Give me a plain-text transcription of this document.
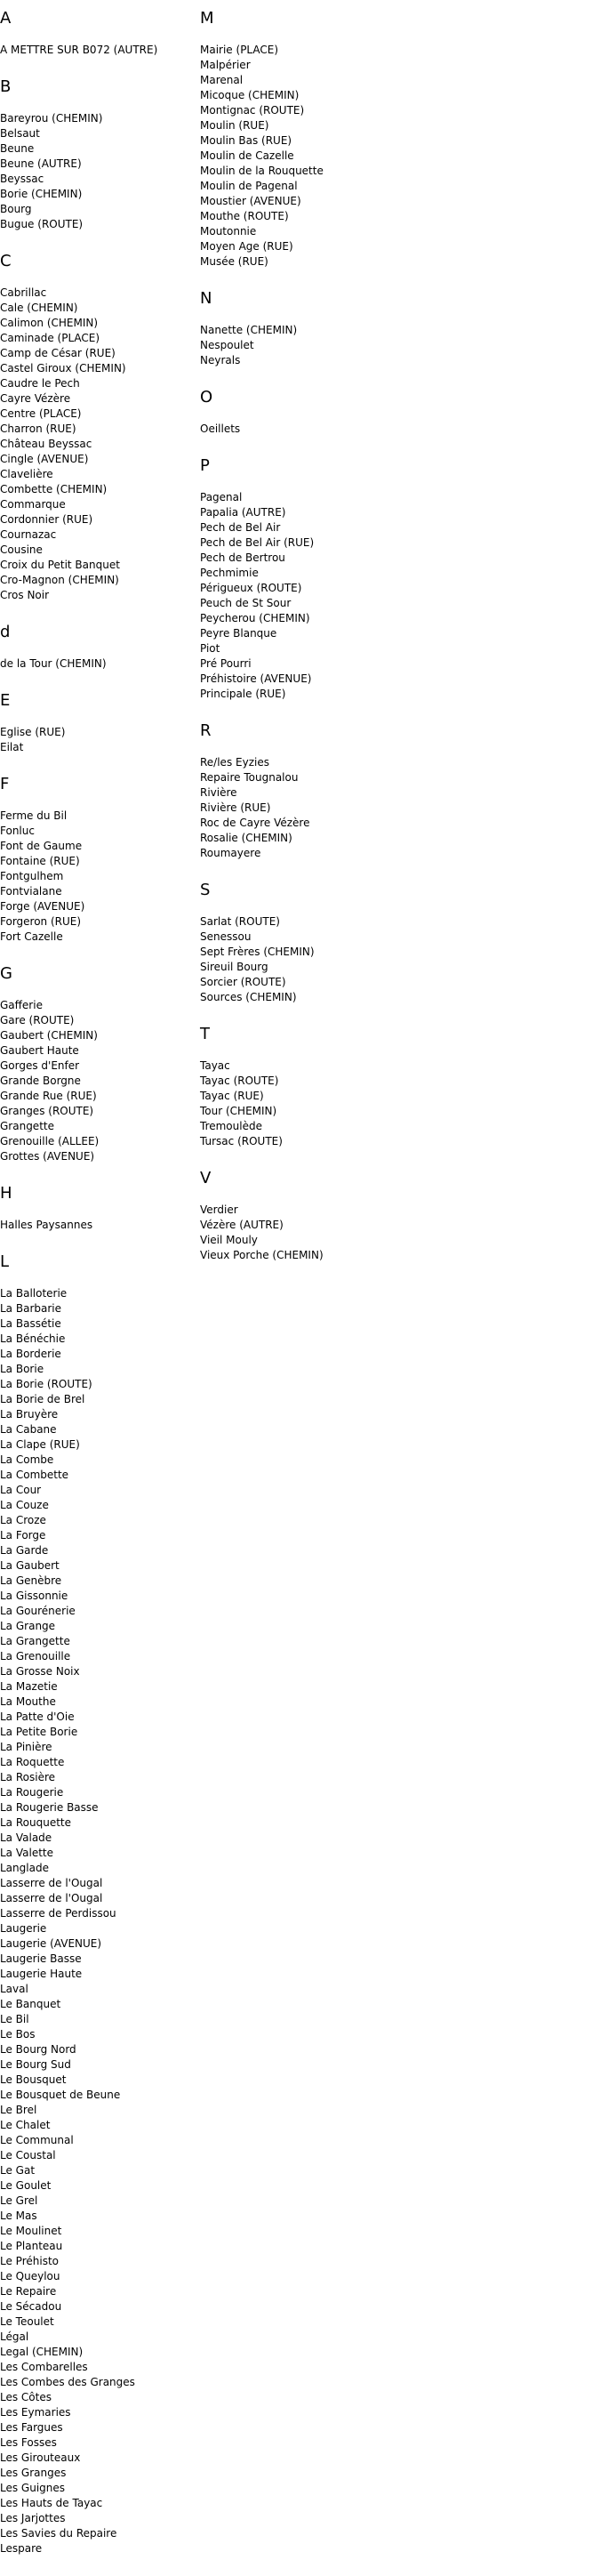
A
A METTRE SUR B072 (AUTRE)
B
Bareyrou (CHEMIN)
Belsaut
Beune
Beune (AUTRE)
Beyssac
Borie (CHEMIN)
Bourg
Bugue (ROUTE)
C
Cabrillac
Cale (CHEMIN)
Calimon (CHEMIN)
Caminade (PLACE)
Camp de César (RUE)
Castel Giroux (CHEMIN)
Caudre le Pech
Cayre Vézère
Centre (PLACE)
Charron (RUE)
Château Beyssac
Cingle (AVENUE)
Clavelière
Combette (CHEMIN)
Commarque
Cordonnier (RUE)
Cournazac
Cousine
Croix du Petit Banquet
Cro-Magnon (CHEMIN)
Cros Noir
d
de la Tour (CHEMIN)
E
Eglise (RUE)
Eilat
F
Ferme du Bil
Fonluc
Font de Gaume
Fontaine (RUE)
Fontgulhem
Fontvialane
Forge (AVENUE)
Forgeron (RUE)
Fort Cazelle
G
Gafferie
Gare (ROUTE)
Gaubert (CHEMIN)
Gaubert Haute
Gorges d'Enfer
Grande Borgne
Grande Rue (RUE)
Granges (ROUTE)
Grangette
Grenouille (ALLEE)
Grottes (AVENUE)
H
Halles Paysannes
L
La Balloterie
La Barbarie
La Bassétie
La Bénéchie
La Borderie
La Borie
La Borie (ROUTE)
La Borie de Brel
La Bruyère
La Cabane
La Clape (RUE)
La Combe
La Combette
La Cour
La Couze
La Croze
La Forge
La Garde
La Gaubert
La Genèbre
La Gissonnie
La Gourénerie
La Grange
La Grangette
La Grenouille
La Grosse Noix
La Mazetie
La Mouthe
La Patte d'Oie
La Petite Borie
La Pinière
La Roquette
La Rosière
La Rougerie
La Rougerie Basse
La Rouquette
La Valade
La Valette
Langlade
Lasserre de l'Ougal
Lasserre de l'Ougal
Lasserre de Perdissou
Laugerie
Laugerie (AVENUE)
Laugerie Basse
Laugerie Haute
Laval
Le Banquet
Le Bil
Le Bos
Le Bourg Nord
Le Bourg Sud
Le Bousquet
Le Bousquet de Beune
Le Brel
Le Chalet
Le Communal
Le Coustal
Le Gat
Le Goulet
Le Grel
Le Mas
Le Moulinet
Le Planteau
Le Préhisto
Le Queylou
Le Repaire
Le Sécadou
Le Teoulet
Légal
Legal (CHEMIN)
Les Combarelles
Les Combes des Granges
Les Côtes
Les Eymaries
Les Fargues
Les Fosses
Les Girouteaux
Les Granges
Les Guignes
Les Hauts de Tayac
Les Jarjottes
Les Savies du Repaire
Lespare
M
Mairie (PLACE)
Malpérier
Marenal
Micoque (CHEMIN)
Montignac (ROUTE)
Moulin (RUE)
Moulin Bas (RUE)
Moulin de Cazelle
Moulin de la Rouquette
Moulin de Pagenal
Moustier (AVENUE)
Mouthe (ROUTE)
Moutonnie
Moyen Age (RUE)
Musée (RUE)
N
Nanette (CHEMIN)
Nespoulet
Neyrals
O
Oeillets
P
Pagenal
Papalia (AUTRE)
Pech de Bel Air
Pech de Bel Air (RUE)
Pech de Bertrou
Pechmimie
Périgueux (ROUTE)
Peuch de St Sour
Peycherou (CHEMIN)
Peyre Blanque
Piot
Pré Pourri
Préhistoire (AVENUE)
Principale (RUE)
R
Re/les Eyzies
Repaire Tougnalou
Rivière
Rivière (RUE)
Roc de Cayre Vézère
Rosalie (CHEMIN)
Roumayere
S
Sarlat (ROUTE)
Senessou
Sept Frères (CHEMIN)
Sireuil Bourg
Sorcier (ROUTE)
Sources (CHEMIN)
T
Tayac
Tayac (ROUTE)
Tayac (RUE)
Tour (CHEMIN)
Tremoulède
Tursac (ROUTE)
V
Verdier
Vézère (AUTRE)
Vieil Mouly
Vieux Porche (CHEMIN)
